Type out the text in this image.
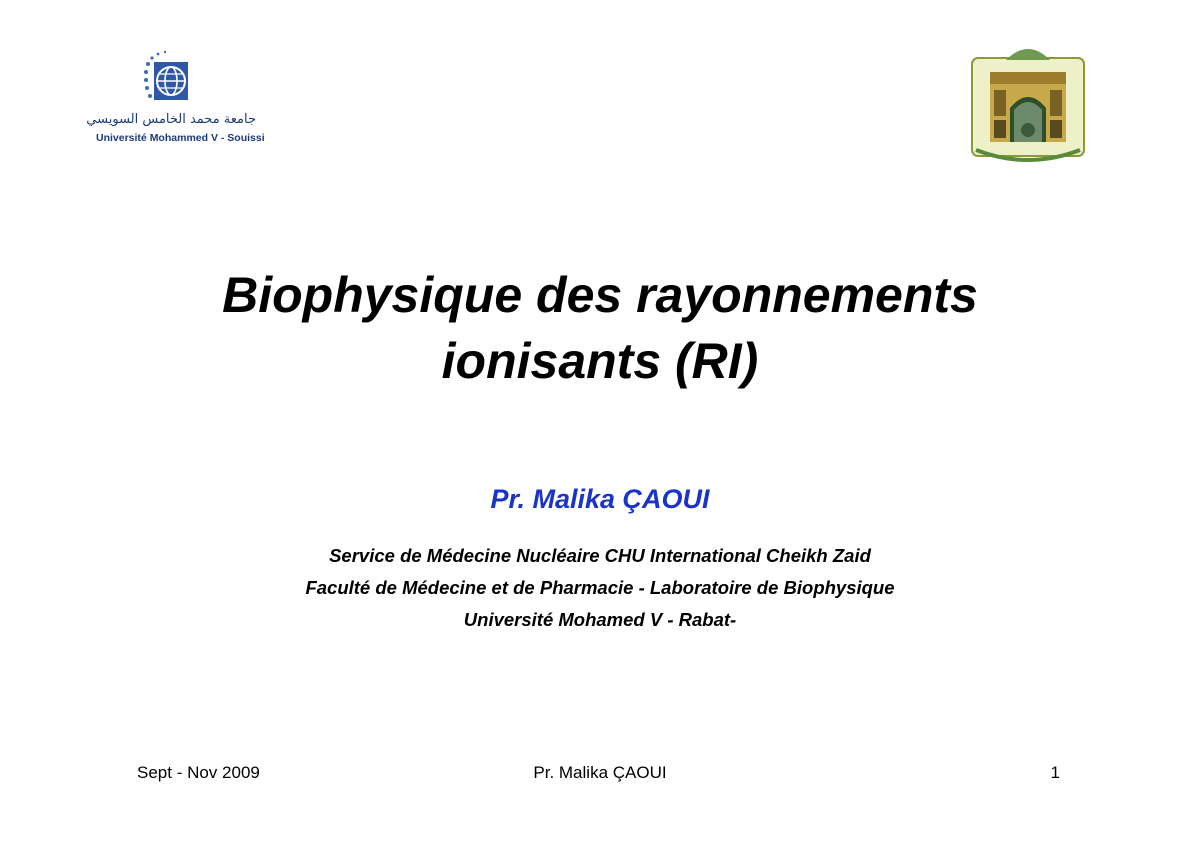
جامعة محمد الخامس السويسي
Université Mohammed V - Souissi
Biophysique des rayonnements
ionisants (RI)
Pr. Malika ÇAOUI
Service de Médecine Nucléaire CHU International Cheikh Zaid
Faculté de Médecine et de Pharmacie - Laboratoire de Biophysique
Université Mohamed V - Rabat-
Sept - Nov 2009	Pr. Malika ÇAOUI	1
